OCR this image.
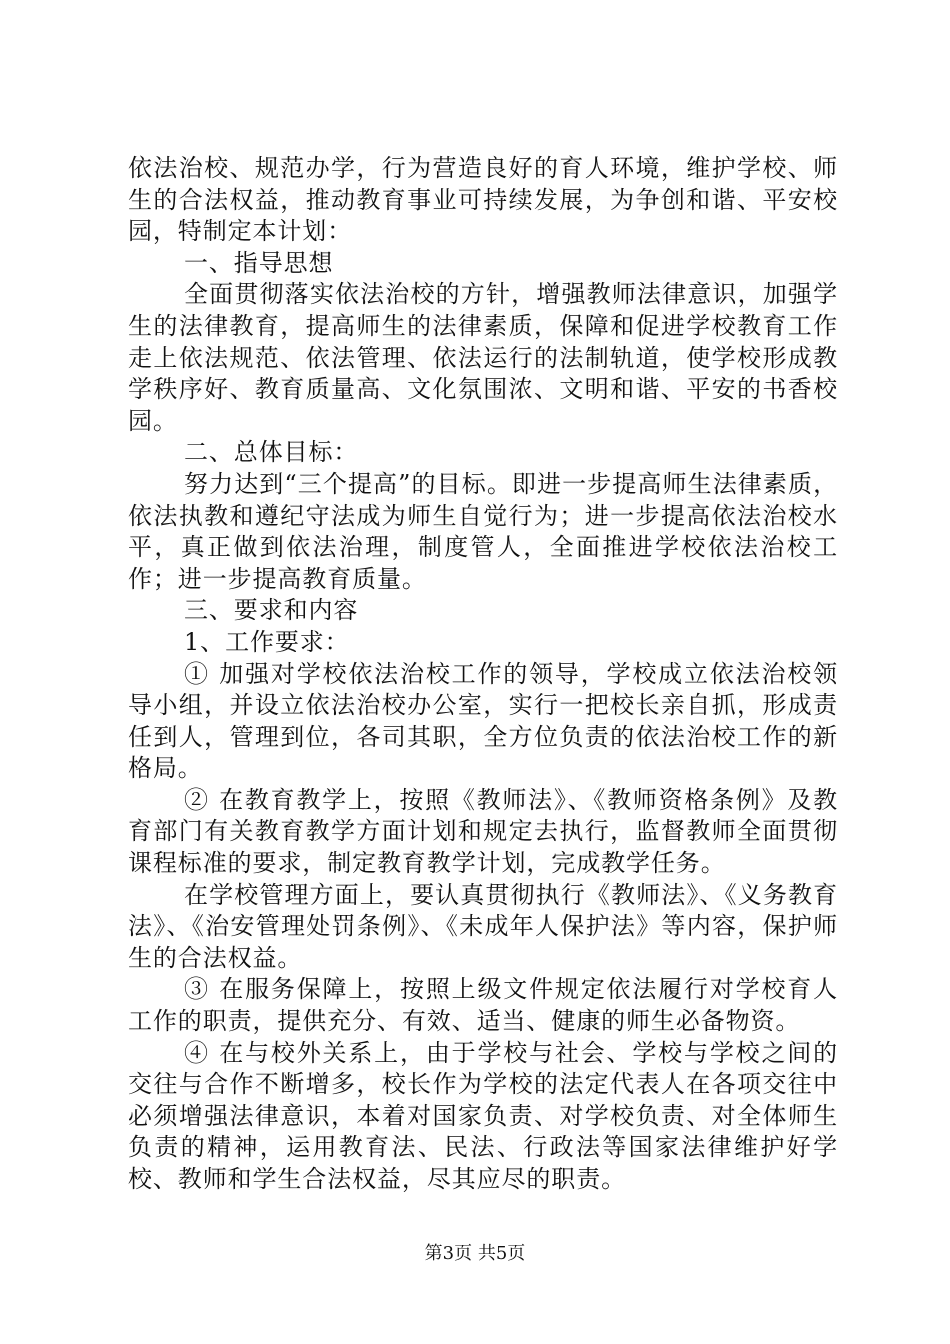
依法治校、规范办学，行为营造良好的育人环境，维护学校、师生的合法权益，推动教育事业可持续发展，为争创和谐、平安校园，特制定本计划：

一、指导思想

全面贯彻落实依法治校的方针，增强教师法律意识，加强学生的法律教育，提高师生的法律素质，保障和促进学校教育工作走上依法规范、依法管理、依法运行的法制轨道，使学校形成教学秩序好、教育质量高、文化氛围浓、文明和谐、平安的书香校园。

二、总体目标：

努力达到“三个提高”的目标。即进一步提高师生法律素质，依法执教和遵纪守法成为师生自觉行为；进一步提高依法治校水平，真正做到依法治理，制度管人，全面推进学校依法治校工作；进一步提高教育质量。

三、要求和内容

1、工作要求：

① 加强对学校依法治校工作的领导，学校成立依法治校领导小组，并设立依法治校办公室，实行一把校长亲自抓，形成责任到人，管理到位，各司其职，全方位负责的依法治校工作的新格局。

② 在教育教学上，按照《教师法》、《教师资格条例》及教育部门有关教育教学方面计划和规定去执行，监督教师全面贯彻课程标准的要求，制定教育教学计划，完成教学任务。

在学校管理方面上，要认真贯彻执行《教师法》、《义务教育法》、《治安管理处罚条例》、《未成年人保护法》等内容，保护师生的合法权益。

③ 在服务保障上，按照上级文件规定依法履行对学校育人工作的职责，提供充分、有效、适当、健康的师生必备物资。

④ 在与校外关系上，由于学校与社会、学校与学校之间的交往与合作不断增多，校长作为学校的法定代表人在各项交往中必须增强法律意识，本着对国家负责、对学校负责、对全体师生负责的精神，运用教育法、民法、行政法等国家法律维护好学校、教师和学生合法权益，尽其应尽的职责。

第3页 共5页
